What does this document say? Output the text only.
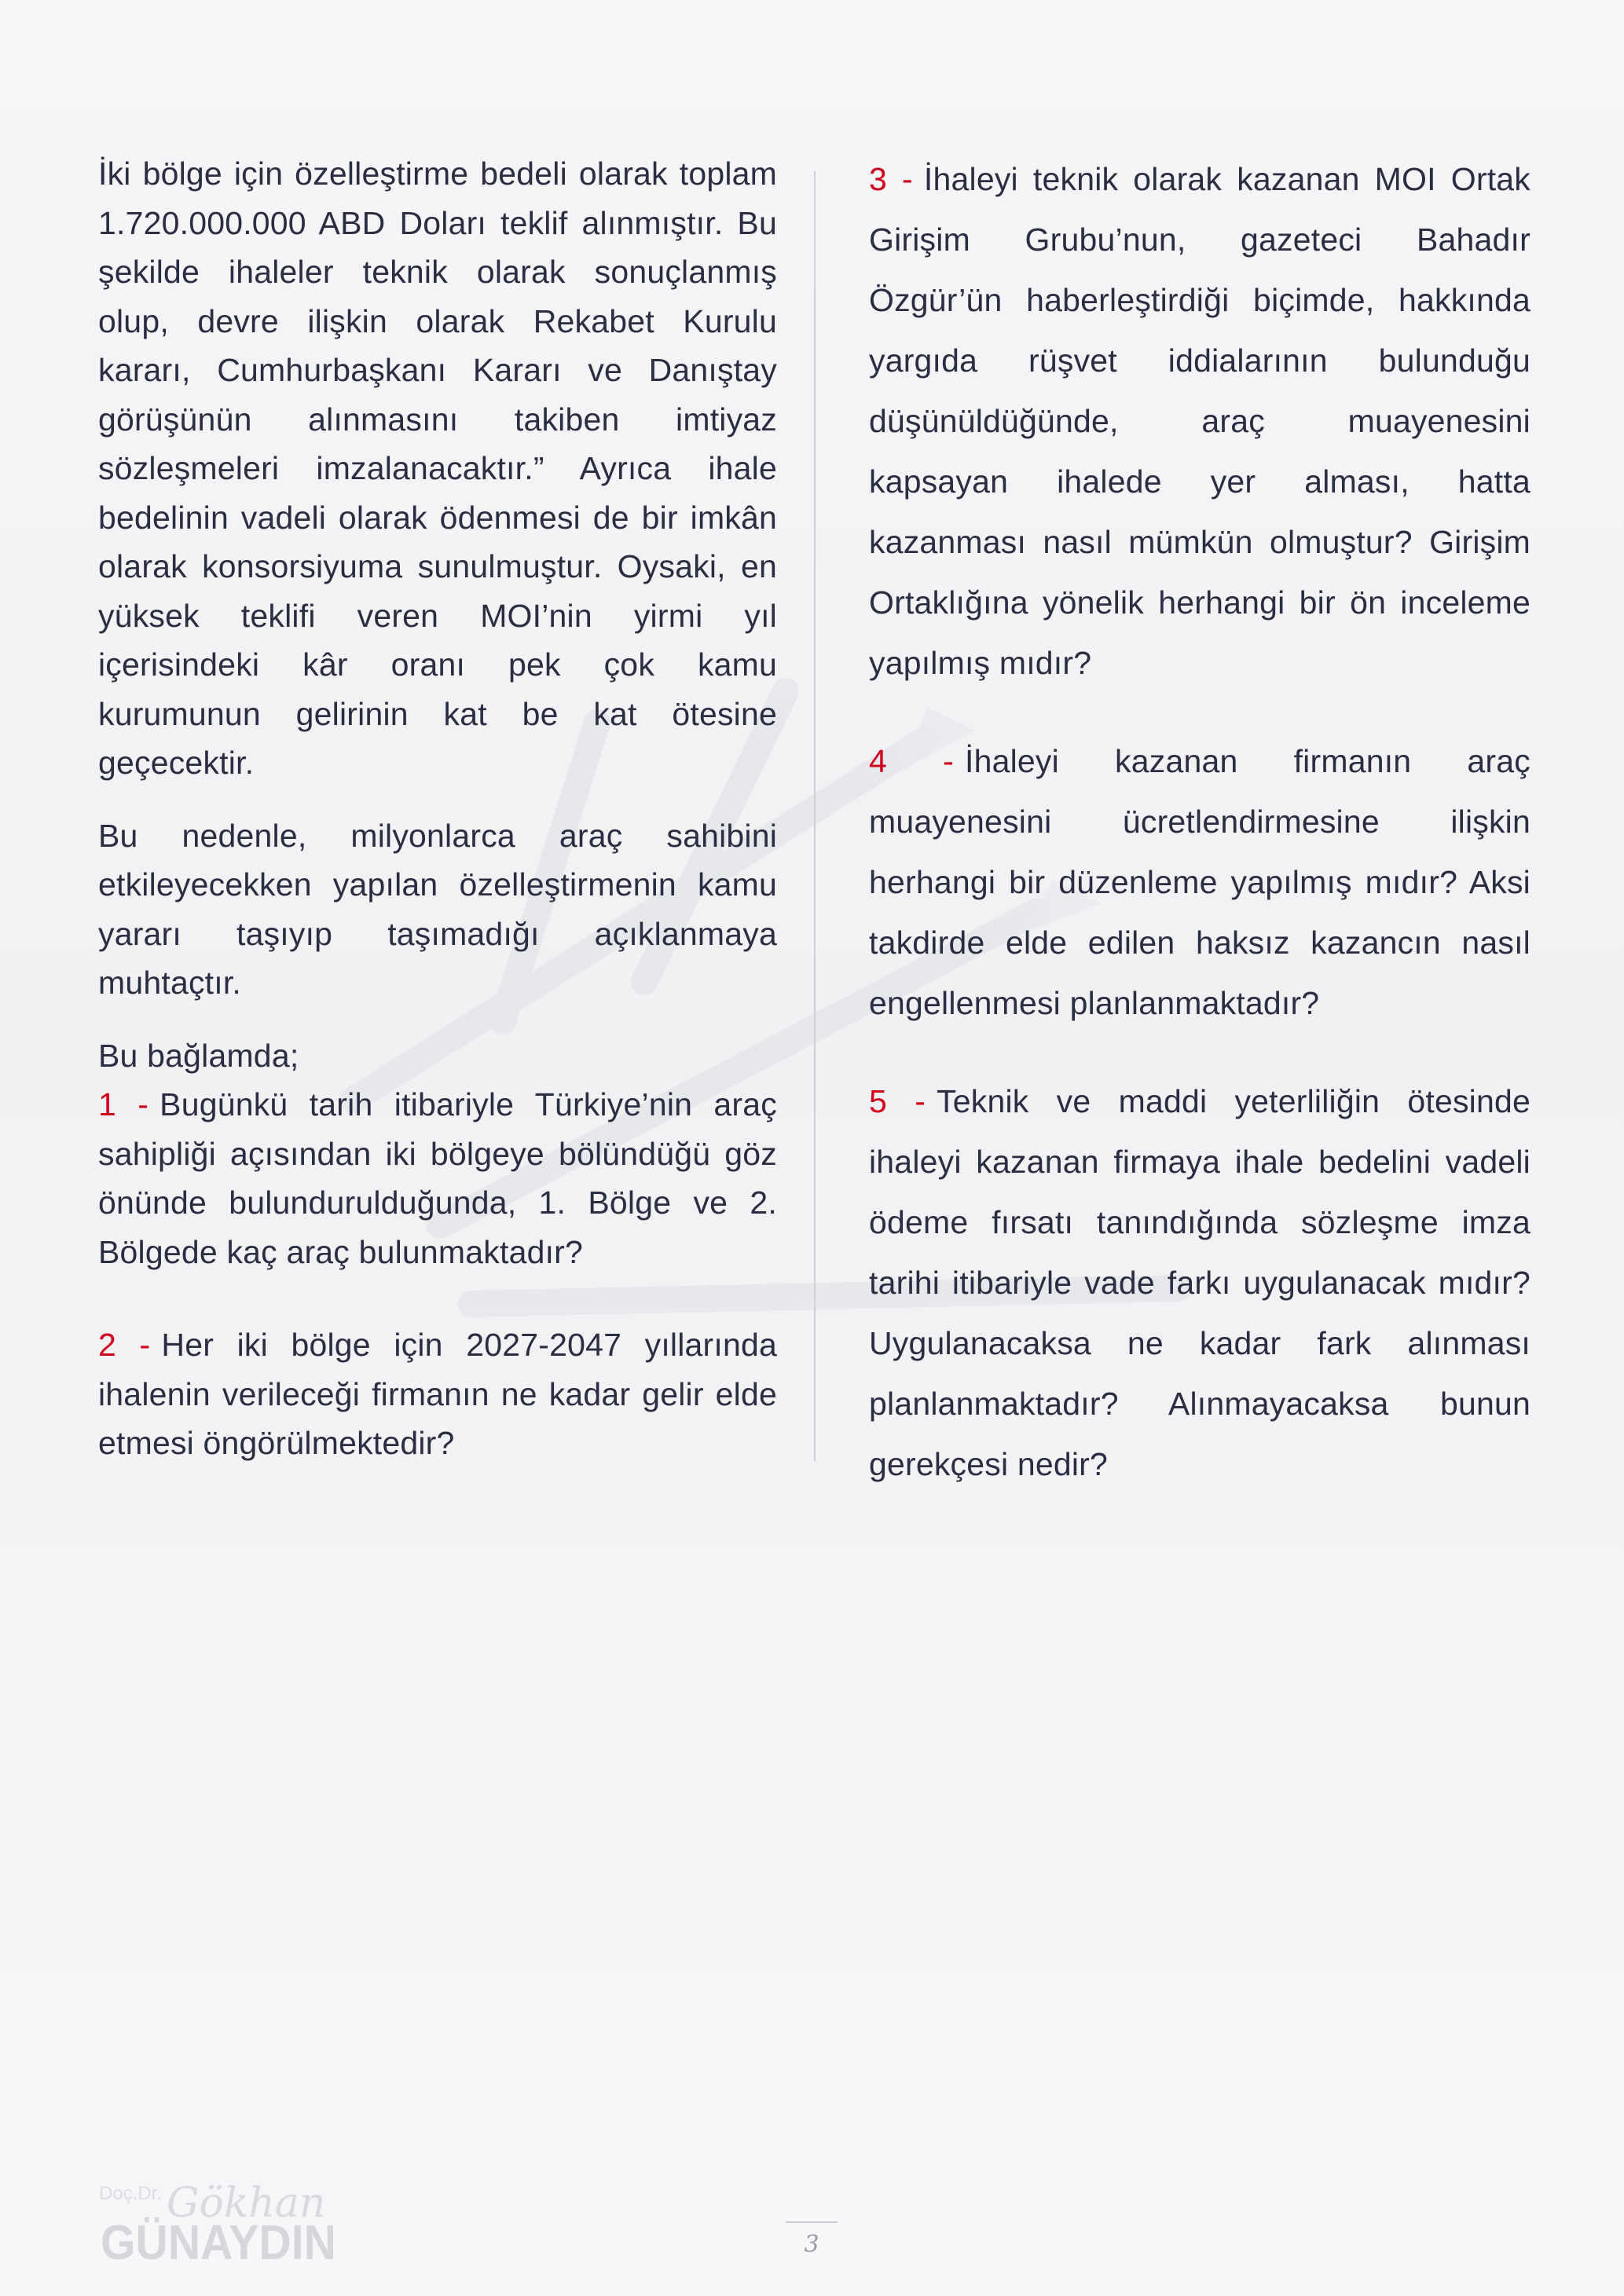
İki bölge için özelleştirme bedeli olarak toplam 1.720.000.000 ABD Doları teklif alınmıştır. Bu şekilde ihaleler teknik olarak sonuçlanmış olup, devre ilişkin olarak Rekabet Kurulu kararı, Cumhurbaşkanı Kararı ve Danıştay görüşünün alınmasını takiben imtiyaz sözleşmeleri imzalanacaktır.” Ayrıca ihale bedelinin vadeli olarak ödenmesi de bir imkân olarak konsorsiyuma sunulmuştur. Oysaki, en yüksek teklifi veren MOI’nin yirmi yıl içerisindeki kâr oranı pek çok kamu kurumunun gelirinin kat be kat ötesine geçecektir.

Bu nedenle, milyonlarca araç sahibini etkileyecekken yapılan özelleştirmenin kamu yararı taşıyıp taşımadığı açıklanmaya muhtaçtır.

Bu bağlamda;

1 - Bugünkü tarih itibariyle Türkiye’nin araç sahipliği açısından iki bölgeye bölündüğü göz önünde bulundurulduğunda, 1. Bölge ve 2. Bölgede kaç araç bulunmaktadır?

2 - Her iki bölge için 2027-2047 yıllarında ihalenin verileceği firmanın ne kadar gelir elde etmesi öngörülmektedir?

3 - İhaleyi teknik olarak kazanan MOI Ortak Girişim Grubu’nun, gazeteci Bahadır Özgür’ün haberleştirdiği biçimde, hakkında yargıda rüşvet iddialarının bulunduğu düşünüldüğünde, araç muayenesini kapsayan ihalede yer alması, hatta kazanması nasıl mümkün olmuştur? Girişim Ortaklığına yönelik herhangi bir ön inceleme yapılmış mıdır?

4 - İhaleyi kazanan firmanın araç muayenesini ücretlendirmesine ilişkin herhangi bir düzenleme yapılmış mıdır? Aksi takdirde elde edilen haksız kazancın nasıl engellenmesi planlanmaktadır?

5 - Teknik ve maddi yeterliliğin ötesinde ihaleyi kazanan firmaya ihale bedelini vadeli ödeme fırsatı tanındığında sözleşme imza tarihi itibariyle vade farkı uygulanacak mıdır? Uygulanacaksa ne kadar fark alınması planlanmaktadır? Alınmayacaksa bunun gerekçesi nedir?

Doç.Dr. Gökhan
GÜNAYDIN	3
